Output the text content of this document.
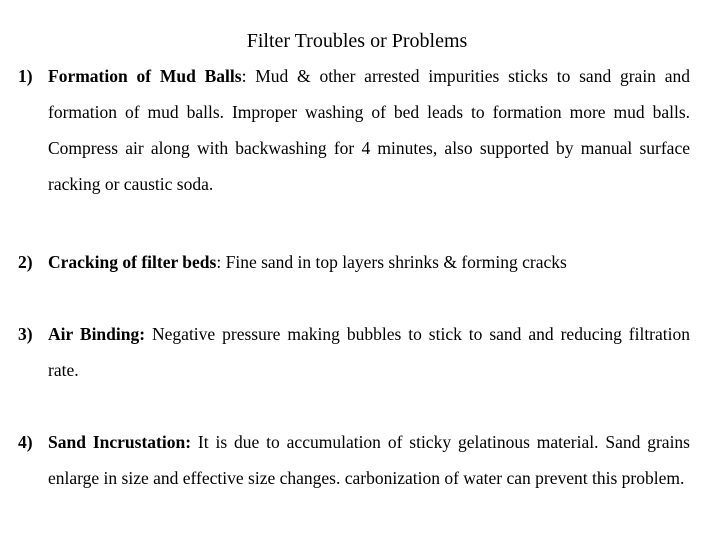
Filter Troubles or Problems
1) Formation of Mud Balls: Mud & other arrested impurities sticks to sand grain and formation of mud balls. Improper washing of bed leads to formation more mud balls. Compress air along with backwashing for 4 minutes, also supported by manual surface racking or caustic soda.
2) Cracking of filter beds: Fine sand in top layers shrinks & forming cracks
3) Air Binding: Negative pressure making bubbles to stick to sand and reducing filtration rate.
4) Sand Incrustation: It is due to accumulation of sticky gelatinous material. Sand grains enlarge in size and effective size changes. carbonization of water can prevent this problem.
